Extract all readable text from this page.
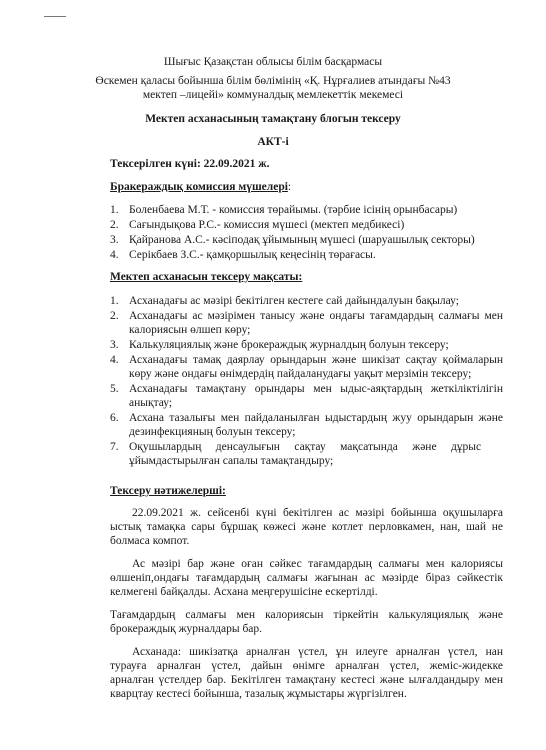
Шығыс Қазақстан облысы білім басқармасы
Өскемен қаласы бойынша білім бөлімінің «Қ. Нұрғалиев атындағы №43
мектеп –лицейі» коммуналдық мемлекеттік мекемесі
Мектеп асханасының тамақтану блогын тексеру
АКТ-і
Тексерілген күні: 22.09.2021 ж.
Бракераждық комиссия мүшелері:
1. Боленбаева М.Т. - комиссия төрайымы. (тәрбие ісінің орынбасары)
2. Сағындықова Р.С.- комиссия мүшесі (мектеп медбикесі)
3. Қайранова А.С.- кәсіподақ ұйымының мүшесі (шаруашылық секторы)
4. Серікбаев З.С.- қамқоршылық кеңесінің төрағасы.
Мектеп асханасын тексеру мақсаты:
1. Асханадағы ас мәзірі бекітілген кестеге сай дайындалуын бақылау;
2. Асханадағы ас мәзірімен танысу және ондағы тағамдардың салмағы мен
калориясын өлшеп көру;
3. Калькуляциялық және брокераждық журналдың болуын тексеру;
4. Асханадағы тамақ даярлау орындарын және шикізат сақтау қоймаларын
көру және ондағы өнімдердің пайдаланудағы уақыт мерзімін тексеру;
5. Асханадағы тамақтану орындары мен ыдыс-аяқтардың жеткіліктілігін
анықтау;
6. Асхана тазалығы мен пайдаланылған ыдыстардың жуу орындарын және
дезинфекцияның болуын тексеру;
7. Оқушылардың     денсаулығын     сақтау     мақсатында     және     дұрыс
ұйымдастырылған сапалы тамақтандыру;
Тексеру нәтижелерші:
22.09.2021 ж. сейсенбі күні бекітілген ас мәзірі бойынша оқушыларға
ыстық тамақка сары бұршақ көжесі және котлет перловкамен, нан, шай не
болмаса компот.
Ас мәзірі бар және оған сәйкес тағамдардың салмағы мен калориясы
өлшеніп,ондағы тағамдардың салмағы жағынан ас мәзірде біраз сәйкестік
келмегені байқалды. Асхана меңгерушісіне ескертілді.
Тағамдардың салмағы мен калориясын тіркейтін калькуляциялық және
брокераждық журналдары бар.
Асханада: шикізатқа арналған үстел, ұн илеуге арналған үстел, нан
турауға арналған үстел, дайын өнімге арналған үстел, жеміс-жидекке
арналған үстелдер бар. Бекітілген тамақтану кестесі және ылғалдандыру мен
кварцтау кестесі бойынша, тазалық жұмыстары жүргізілген.
